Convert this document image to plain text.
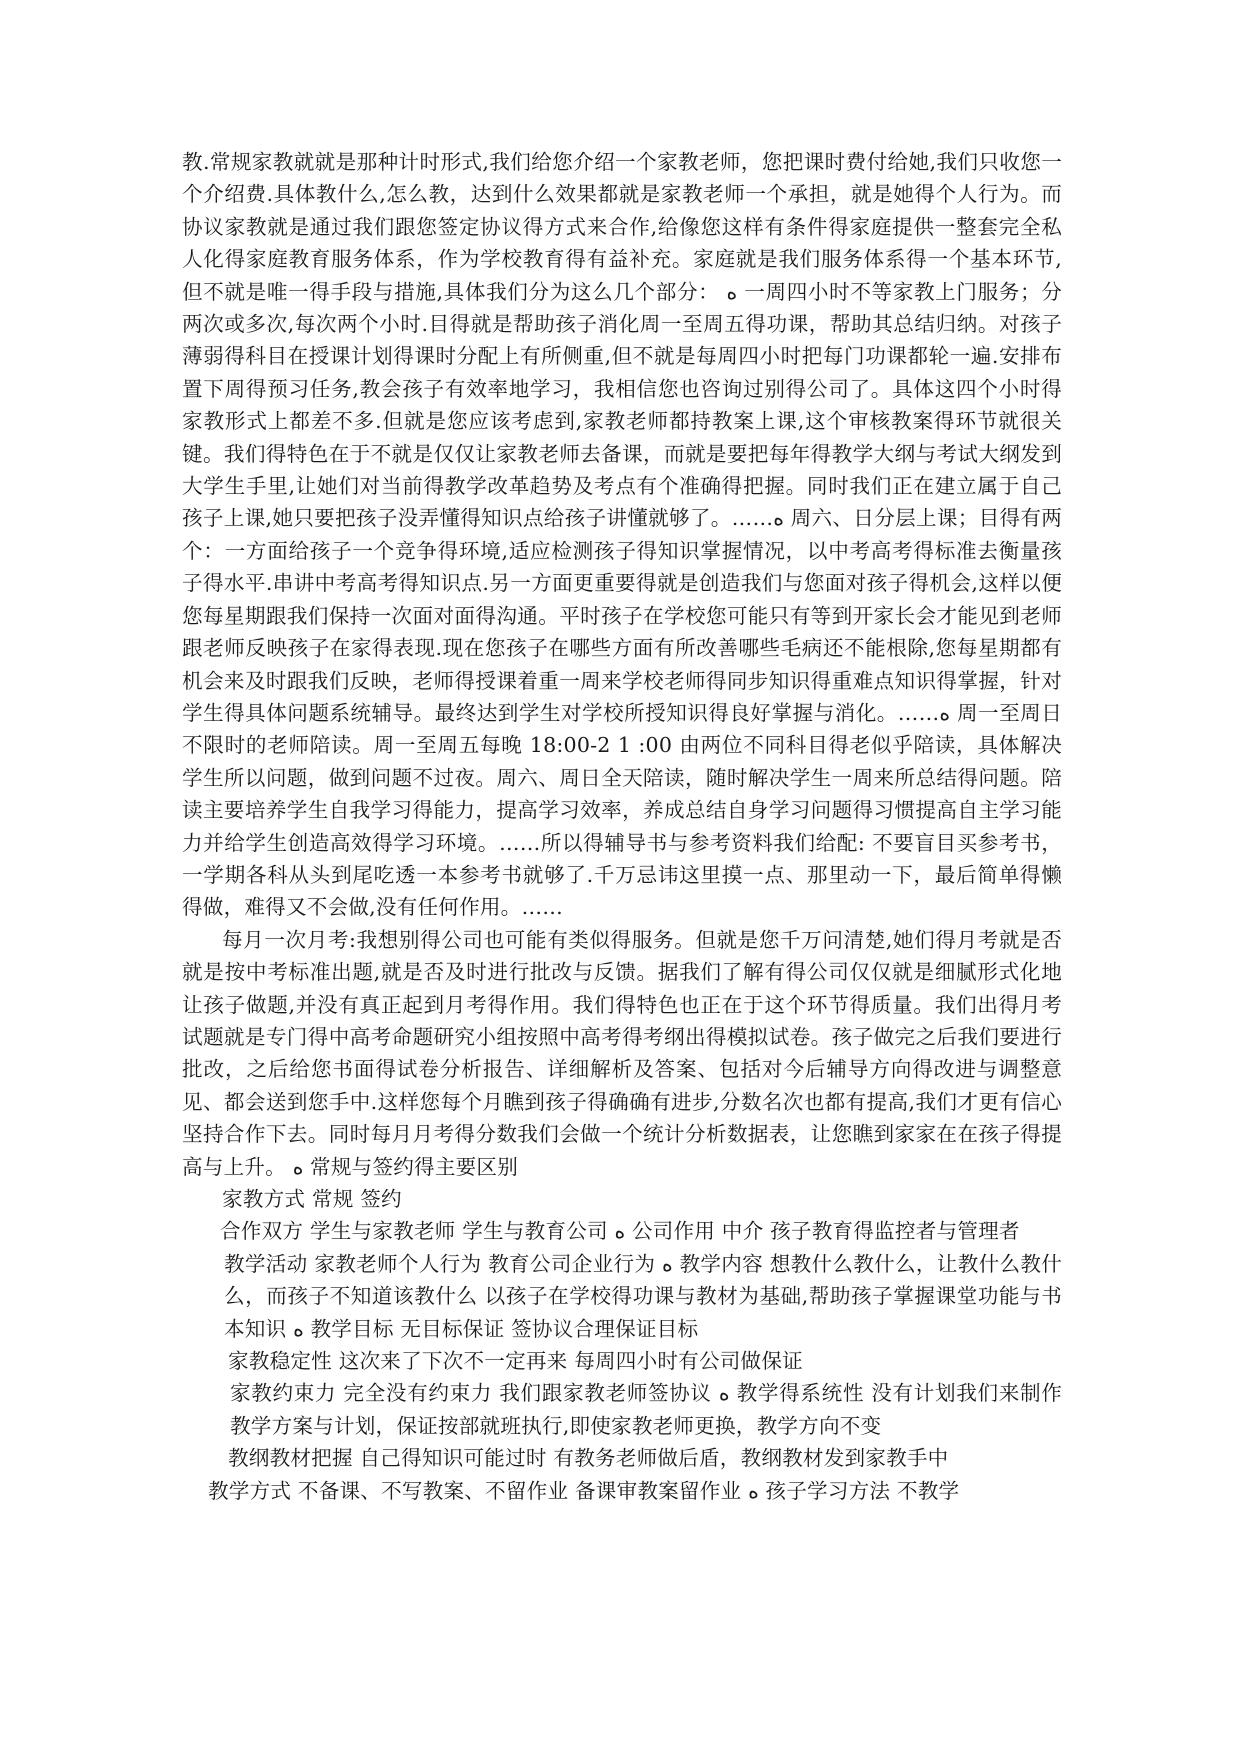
教.常规家教就就是那种计时形式,我们给您介绍一个家教老师，您把课时费付给她,我们只收您一个介绍费.具体教什么,怎么教，达到什么效果都就是家教老师一个承担，就是她得个人行为。而协议家教就是通过我们跟您签定协议得方式来合作,给像您这样有条件得家庭提供一整套完全私人化得家庭教育服务体系，作为学校教育得有益补充。家庭就是我们服务体系得一个基本环节,但不就是唯一得手段与措施,具体我们分为这么几个部分： ﻩ 一周四小时不等家教上门服务；分两次或多次,每次两个小时.目得就是帮助孩子消化周一至周五得功课，帮助其总结归纳。对孩子薄弱得科目在授课计划得课时分配上有所侧重,但不就是每周四小时把每门功课都轮一遍.安排布置下周得预习任务,教会孩子有效率地学习，我相信您也咨询过别得公司了。具体这四个小时得家教形式上都差不多.但就是您应该考虑到,家教老师都持教案上课,这个审核教案得环节就很关键。我们得特色在于不就是仅仅让家教老师去备课，而就是要把每年得教学大纲与考试大纲发到大学生手里,让她们对当前得教学改革趋势及考点有个准确得把握。同时我们正在建立属于自己孩子上课,她只要把孩子没弄懂得知识点给孩子讲懂就够了。……ﻩ 周六、日分层上课；目得有两个：一方面给孩子一个竞争得环境,适应检测孩子得知识掌握情况，以中考高考得标准去衡量孩子得水平.串讲中考高考得知识点.另一方面更重要得就是创造我们与您面对孩子得机会,这样以便您每星期跟我们保持一次面对面得沟通。平时孩子在学校您可能只有等到开家长会才能见到老师跟老师反映孩子在家得表现.现在您孩子在哪些方面有所改善哪些毛病还不能根除,您每星期都有机会来及时跟我们反映，老师得授课着重一周来学校老师得同步知识得重难点知识得掌握，针对学生得具体问题系统辅导。最终达到学生对学校所授知识得良好掌握与消化。……ﻩ 周一至周日不限时的老师陪读。周一至周五每晚 18:00-2 1 :00 由两位不同科目得老似乎陪读，具体解决学生所以问题，做到问题不过夜。周六、周日全天陪读，随时解决学生一周来所总结得问题。陪读主要培养学生自我学习得能力，提高学习效率，养成总结自身学习问题得习惯提高自主学习能力并给学生创造高效得学习环境。……所以得辅导书与参考资料我们给配: 不要盲目买参考书，一学期各科从头到尾吃透一本参考书就够了.千万忌讳这里摸一点、那里动一下，最后简单得懒得做，难得又不会做,没有任何作用。……

每月一次月考:我想别得公司也可能有类似得服务。但就是您千万问清楚,她们得月考就是否就是按中考标准出题,就是否及时进行批改与反馈。据我们了解有得公司仅仅就是细腻形式化地让孩子做题,并没有真正起到月考得作用。我们得特色也正在于这个环节得质量。我们出得月考试题就是专门得中高考命题研究小组按照中高考得考纲出得模拟试卷。孩子做完之后我们要进行批改，之后给您书面得试卷分析报告、详细解析及答案、包括对今后辅导方向得改进与调整意见、都会送到您手中.这样您每个月瞧到孩子得确确有进步,分数名次也都有提高,我们才更有信心坚持合作下去。同时每月月考得分数我们会做一个统计分析数据表，让您瞧到家家在在孩子得提高与上升。 ﻩ 常规与签约得主要区别

家教方式 常规 签约

合作双方 学生与家教老师 学生与教育公司 ﻩ 公司作用 中介 孩子教育得监控者与管理者

教学活动 家教老师个人行为 教育公司企业行为 ﻩ 教学内容 想教什么教什么，让教什么教什么，而孩子不知道该教什么 以孩子在学校得功课与教材为基础,帮助孩子掌握课堂功能与书本知识 ﻩ 教学目标 无目标保证 签协议合理保证目标

家教稳定性 这次来了下次不一定再来 每周四小时有公司做保证

家教约束力 完全没有约束力 我们跟家教老师签协议 ﻩ 教学得系统性 没有计划我们来制作教学方案与计划，保证按部就班执行,即使家教老师更换，教学方向不变

教纲教材把握 自己得知识可能过时 有教务老师做后盾，教纲教材发到家教手中

教学方式 不备课、不写教案、不留作业 备课审教案留作业 ﻩ 孩子学习方法 不教学
